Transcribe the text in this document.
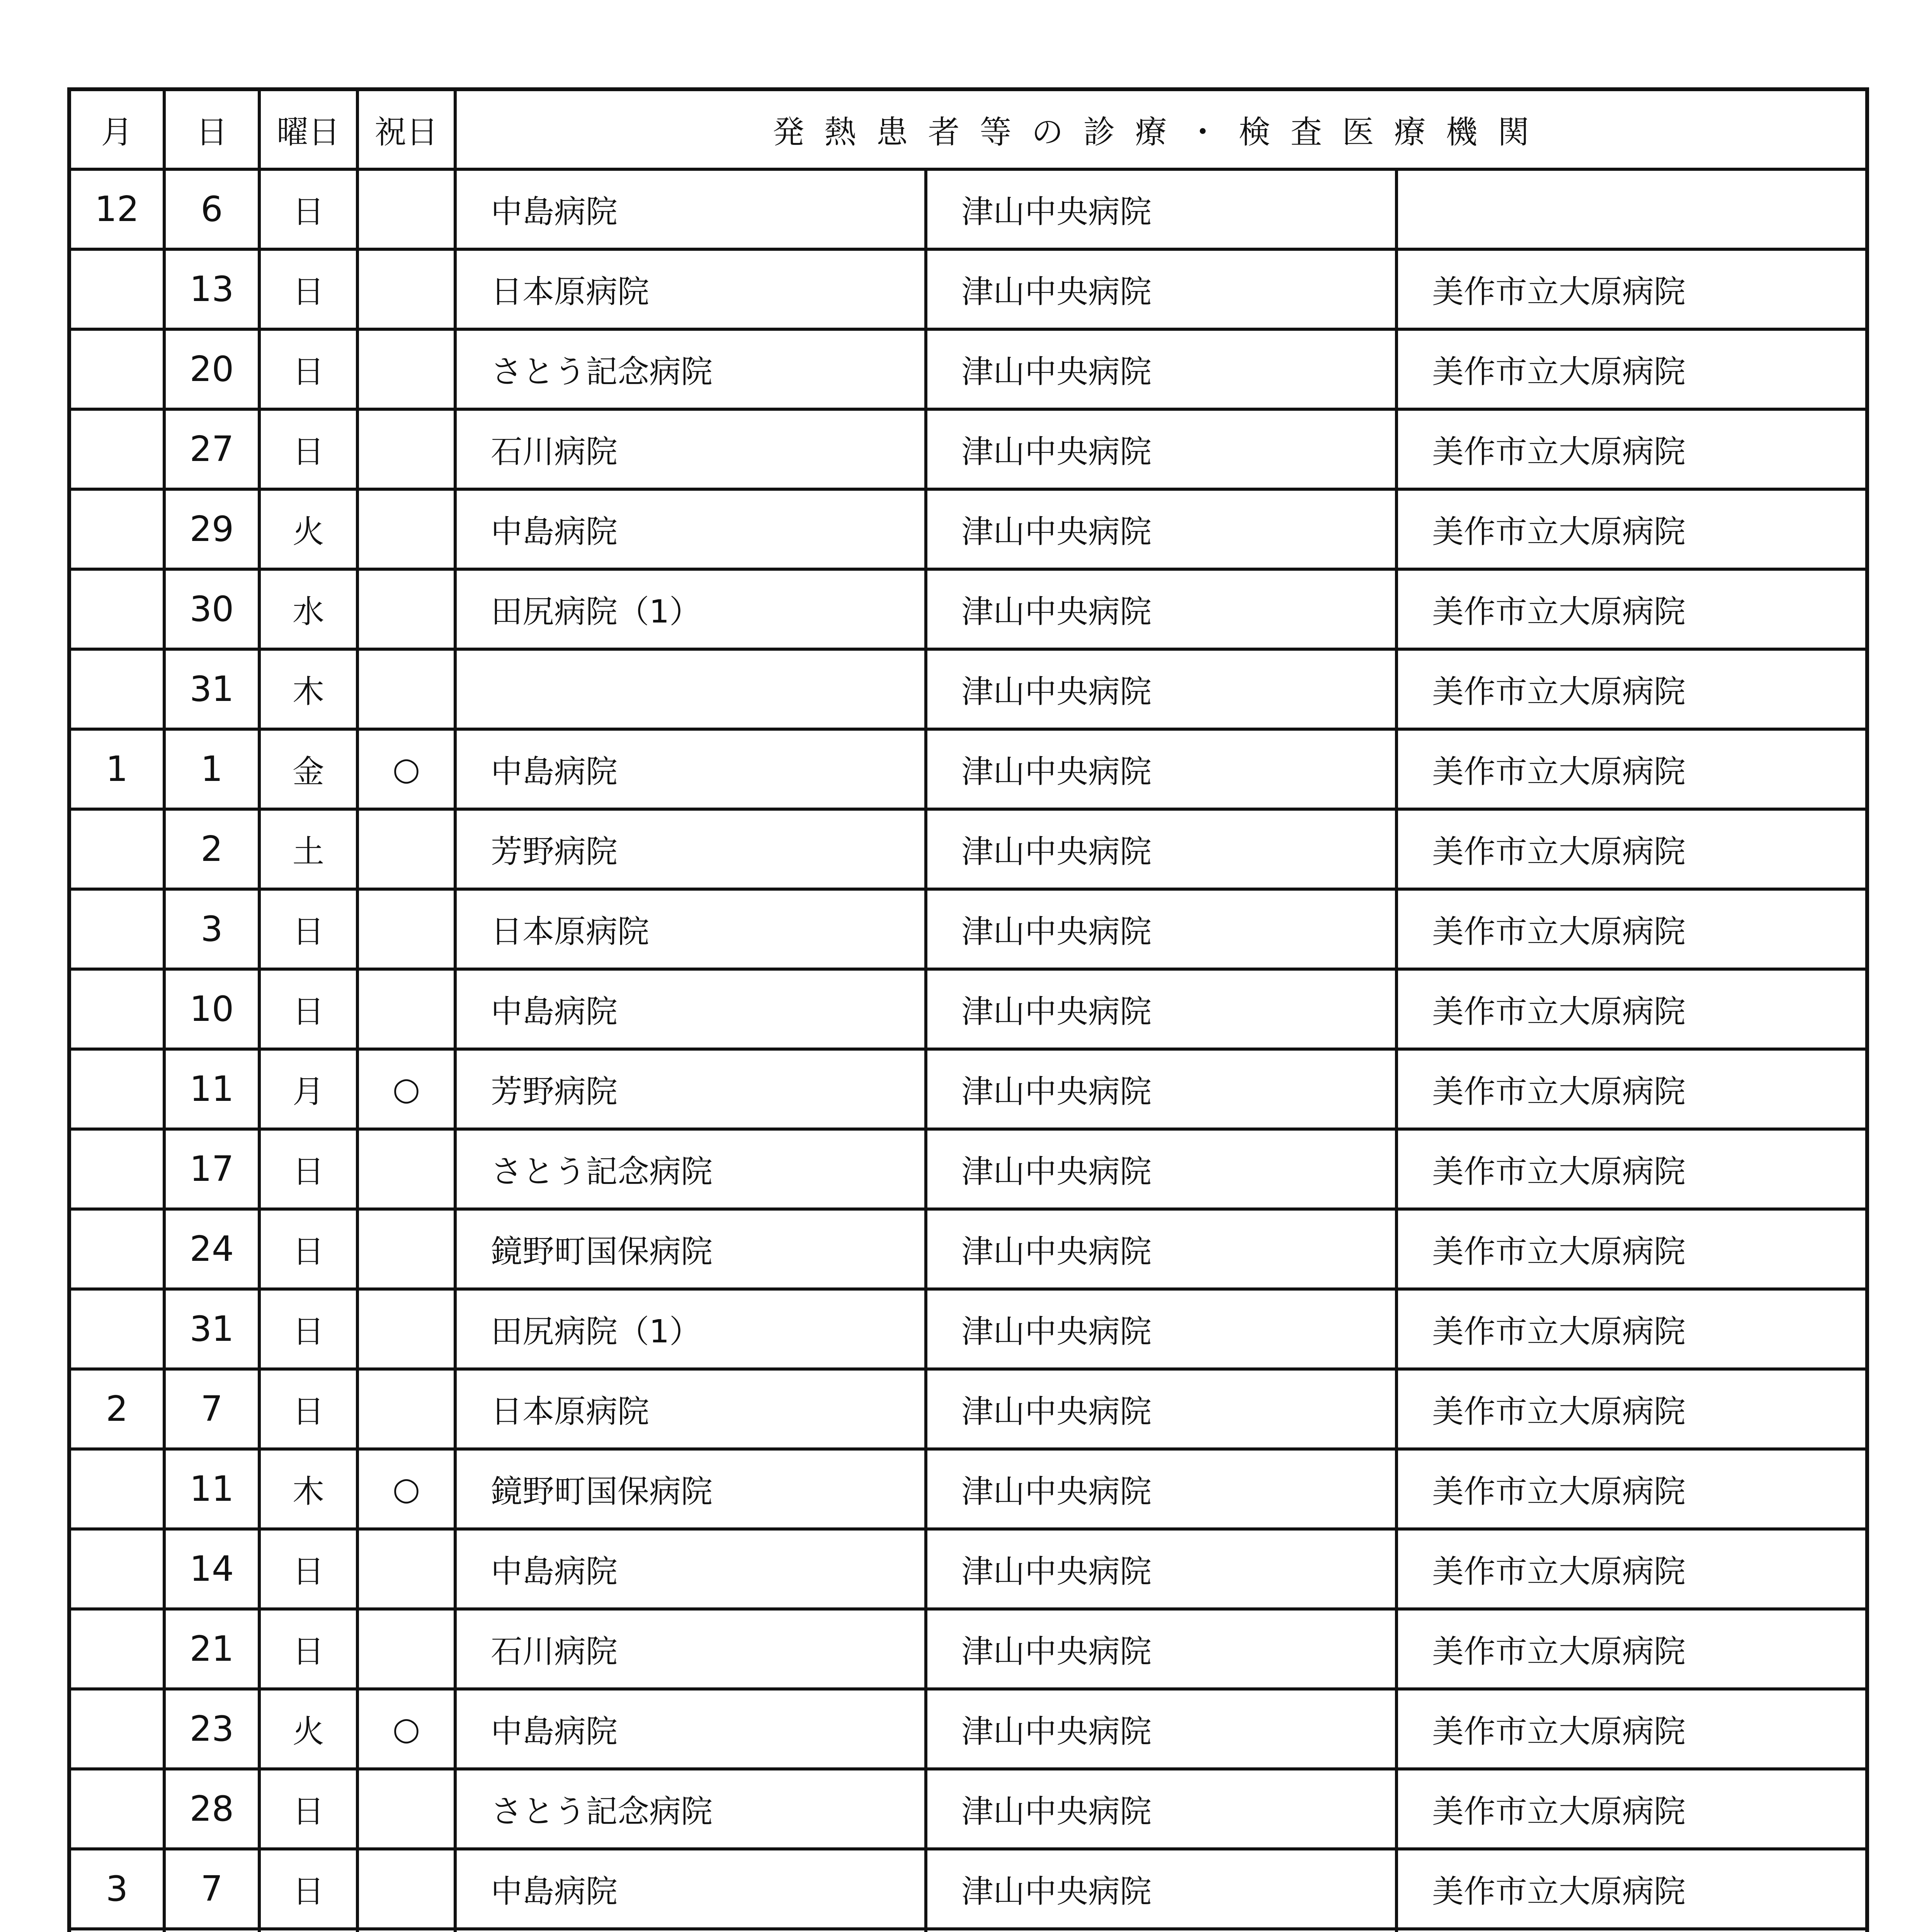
月	日	曜日	祝日	発熱患者等の診療・検査医療機関		
12	6	日		中島病院	津山中央病院	
	13	日		日本原病院	津山中央病院	美作市立大原病院
	20	日		さとう記念病院	津山中央病院	美作市立大原病院
	27	日		石川病院	津山中央病院	美作市立大原病院
	29	火		中島病院	津山中央病院	美作市立大原病院
	30	水		田尻病院（1）	津山中央病院	美作市立大原病院
	31	木			津山中央病院	美作市立大原病院
1	1	金	○	中島病院	津山中央病院	美作市立大原病院
	2	土		芳野病院	津山中央病院	美作市立大原病院
	3	日		日本原病院	津山中央病院	美作市立大原病院
	10	日		中島病院	津山中央病院	美作市立大原病院
	11	月	○	芳野病院	津山中央病院	美作市立大原病院
	17	日		さとう記念病院	津山中央病院	美作市立大原病院
	24	日		鏡野町国保病院	津山中央病院	美作市立大原病院
	31	日		田尻病院（1）	津山中央病院	美作市立大原病院
2	7	日		日本原病院	津山中央病院	美作市立大原病院
	11	木	○	鏡野町国保病院	津山中央病院	美作市立大原病院
	14	日		中島病院	津山中央病院	美作市立大原病院
	21	日		石川病院	津山中央病院	美作市立大原病院
	23	火	○	中島病院	津山中央病院	美作市立大原病院
	28	日		さとう記念病院	津山中央病院	美作市立大原病院
3	7	日		中島病院	津山中央病院	美作市立大原病院
